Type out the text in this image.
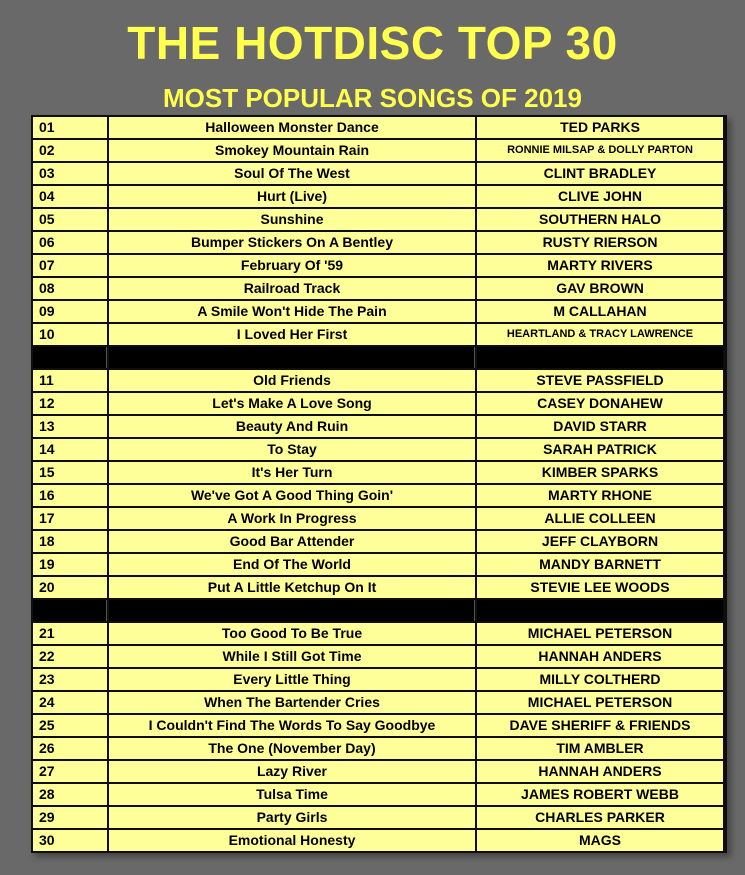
THE HOTDISC TOP 30
MOST POPULAR SONGS OF 2019
01	Halloween Monster Dance	TED PARKS
02	Smokey Mountain Rain	RONNIE MILSAP & DOLLY PARTON
03	Soul Of The West	CLINT BRADLEY
04	Hurt (Live)	CLIVE JOHN
05	Sunshine	SOUTHERN HALO
06	Bumper Stickers On A Bentley	RUSTY RIERSON
07	February Of '59	MARTY RIVERS
08	Railroad Track	GAV BROWN
09	A Smile Won't Hide The Pain	M CALLAHAN
10	I Loved Her First	HEARTLAND & TRACY LAWRENCE
11	Old Friends	STEVE PASSFIELD
12	Let's Make A Love Song	CASEY DONAHEW
13	Beauty And Ruin	DAVID STARR
14	To Stay	SARAH PATRICK
15	It's Her Turn	KIMBER SPARKS
16	We've Got A Good Thing Goin'	MARTY RHONE
17	A Work In Progress	ALLIE COLLEEN
18	Good Bar Attender	JEFF CLAYBORN
19	End Of The World	MANDY BARNETT
20	Put A Little Ketchup On It	STEVIE LEE WOODS
21	Too Good To Be True	MICHAEL PETERSON
22	While I Still Got Time	HANNAH ANDERS
23	Every Little Thing	MILLY COLTHERD
24	When The Bartender Cries	MICHAEL PETERSON
25	I Couldn't Find The Words To Say Goodbye	DAVE SHERIFF & FRIENDS
26	The One (November Day)	TIM AMBLER
27	Lazy River	HANNAH ANDERS
28	Tulsa Time	JAMES ROBERT WEBB
29	Party Girls	CHARLES PARKER
30	Emotional Honesty	MAGS
